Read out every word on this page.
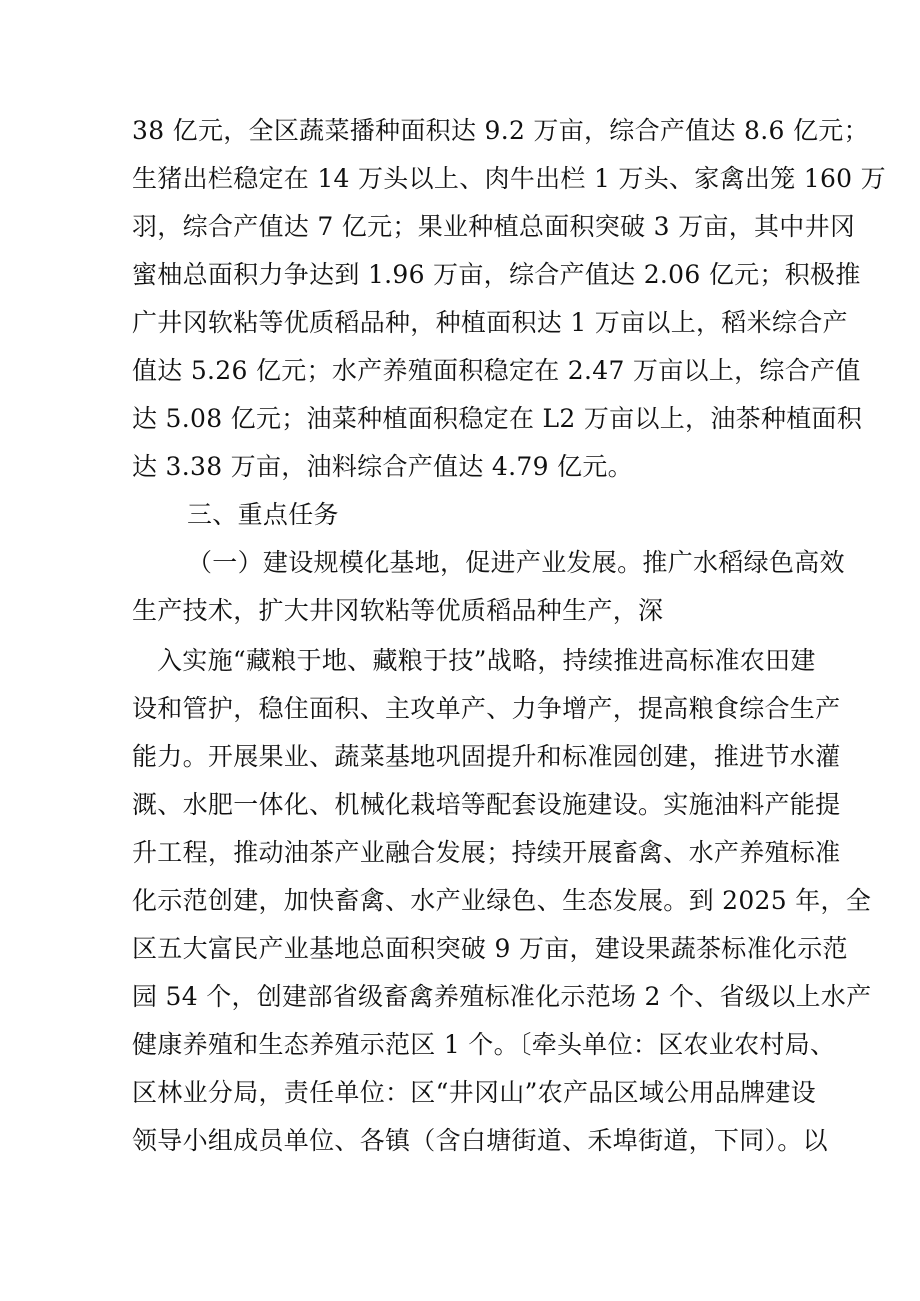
38 亿元，全区蔬菜播种面积达 9.2 万亩，综合产值达 8.6 亿元；
生猪出栏稳定在 14 万头以上、肉牛出栏 1 万头、家禽出笼 160 万
羽，综合产值达 7 亿元；果业种植总面积突破 3 万亩，其中井冈
蜜柚总面积力争达到 1.96 万亩，综合产值达 2.06 亿元；积极推
广井冈软粘等优质稻品种，种植面积达 1 万亩以上，稻米综合产
值达 5.26 亿元；水产养殖面积稳定在 2.47 万亩以上，综合产值
达 5.08 亿元；油菜种植面积稳定在 L2 万亩以上，油茶种植面积
达 3.38 万亩，油料综合产值达 4.79 亿元。
三、重点任务
（一）建设规模化基地，促进产业发展。推广水稻绿色高效
生产技术，扩大井冈软粘等优质稻品种生产，深
入实施“藏粮于地、藏粮于技”战略，持续推进高标准农田建
设和管护，稳住面积、主攻单产、力争增产，提高粮食综合生产
能力。开展果业、蔬菜基地巩固提升和标准园创建，推进节水灌
溉、水肥一体化、机械化栽培等配套设施建设。实施油料产能提
升工程，推动油茶产业融合发展；持续开展畜禽、水产养殖标准
化示范创建，加快畜禽、水产业绿色、生态发展。到 2025 年，全
区五大富民产业基地总面积突破 9 万亩，建设果蔬茶标准化示范
园 54 个，创建部省级畜禽养殖标准化示范场 2 个、省级以上水产
健康养殖和生态养殖示范区 1 个。〔牵头单位：区农业农村局、
区林业分局，责任单位：区“井冈山”农产品区域公用品牌建设
领导小组成员单位、各镇（含白塘街道、禾埠街道，下同）。以
